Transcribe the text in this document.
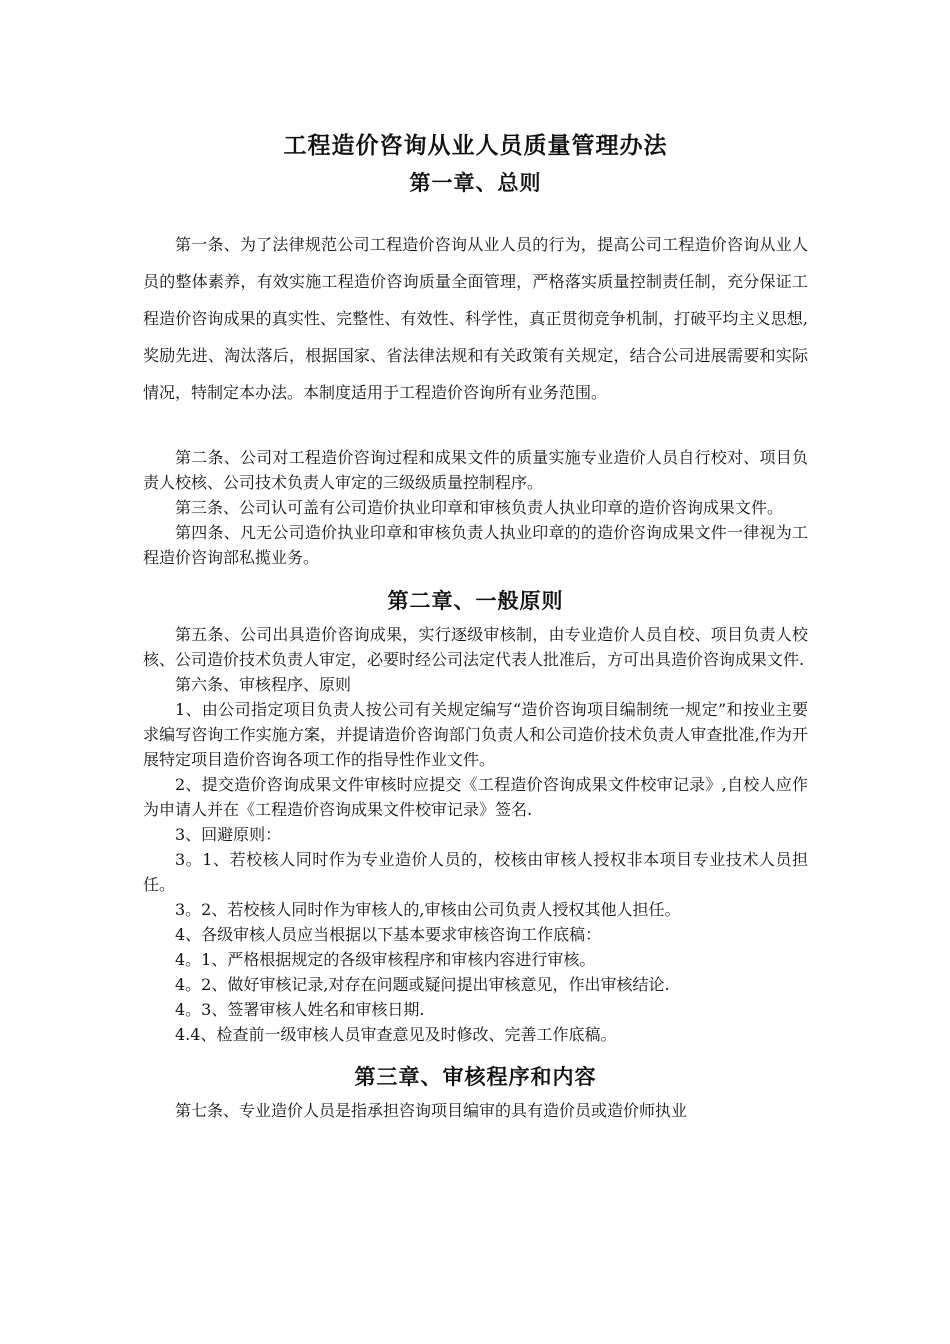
工程造价咨询从业人员质量管理办法
第一章、总则

第一条、为了法律规范公司工程造价咨询从业人员的行为，提高公司工程造价咨询从业人员的整体素养，有效实施工程造价咨询质量全面管理，严格落实质量控制责任制，充分保证工程造价咨询成果的真实性、完整性、有效性、科学性，真正贯彻竞争机制，打破平均主义思想,奖励先进、淘汰落后，根据国家、省法律法规和有关政策有关规定，结合公司进展需要和实际情况，特制定本办法。本制度适用于工程造价咨询所有业务范围。

第二条、公司对工程造价咨询过程和成果文件的质量实施专业造价人员自行校对、项目负责人校核、公司技术负责人审定的三级级质量控制程序。

第三条、公司认可盖有公司造价执业印章和审核负责人执业印章的造价咨询成果文件。

第四条、凡无公司造价执业印章和审核负责人执业印章的的造价咨询成果文件一律视为工程造价咨询部私揽业务。

第二章、一般原则

第五条、公司出具造价咨询成果，实行逐级审核制，由专业造价人员自校、项目负责人校核、公司造价技术负责人审定，必要时经公司法定代表人批准后，方可出具造价咨询成果文件.

第六条、审核程序、原则

1、由公司指定项目负责人按公司有关规定编写“造价咨询项目编制统一规定”和按业主要求编写咨询工作实施方案，并提请造价咨询部门负责人和公司造价技术负责人审查批准,作为开展特定项目造价咨询各项工作的指导性作业文件。

2、提交造价咨询成果文件审核时应提交《工程造价咨询成果文件校审记录》,自校人应作为申请人并在《工程造价咨询成果文件校审记录》签名.

3、回避原则：

3。1、若校核人同时作为专业造价人员的，校核由审核人授权非本项目专业技术人员担任。

3。2、若校核人同时作为审核人的,审核由公司负责人授权其他人担任。

4、各级审核人员应当根据以下基本要求审核咨询工作底稿：

4。1、严格根据规定的各级审核程序和审核内容进行审核。

4。2、做好审核记录,对存在问题或疑问提出审核意见，作出审核结论.

4。3、签署审核人姓名和审核日期.

4.4、检查前一级审核人员审查意见及时修改、完善工作底稿。

第三章、审核程序和内容

第七条、专业造价人员是指承担咨询项目编审的具有造价员或造价师执业
